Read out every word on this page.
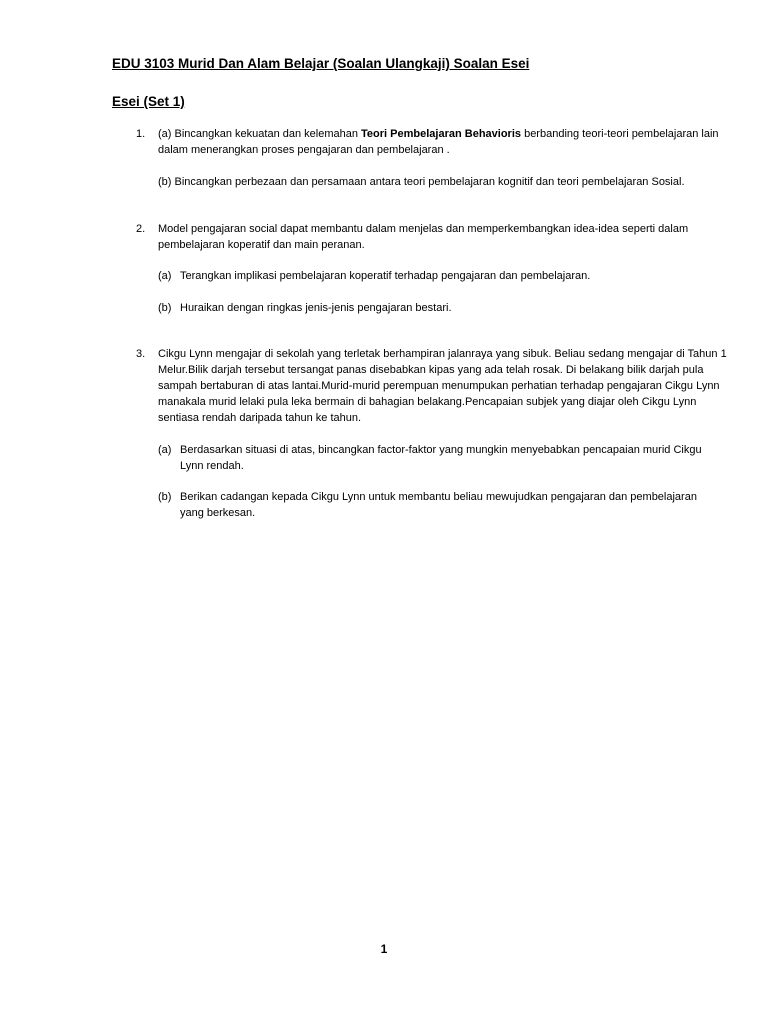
EDU 3103 Murid Dan Alam Belajar (Soalan Ulangkaji) Soalan Esei
Esei (Set 1)
1. (a) Bincangkan kekuatan dan kelemahan Teori Pembelajaran Behavioris berbanding teori-teori pembelajaran lain dalam menerangkan proses pengajaran dan pembelajaran .

(b) Bincangkan perbezaan dan persamaan antara teori pembelajaran kognitif dan teori pembelajaran Sosial.

2. Model pengajaran social dapat membantu dalam menjelas dan memperkembangkan idea-idea seperti dalam pembelajaran koperatif dan main peranan.

(a) Terangkan implikasi pembelajaran koperatif terhadap pengajaran dan pembelajaran.

(b) Huraikan dengan ringkas jenis-jenis pengajaran bestari.

3. Cikgu Lynn mengajar di sekolah yang terletak berhampiran jalanraya yang sibuk. Beliau sedang mengajar di Tahun 1 Melur.Bilik darjah tersebut tersangat panas disebabkan kipas yang ada telah rosak. Di belakang bilik darjah pula sampah bertaburan di atas lantai.Murid-murid perempuan menumpukan perhatian terhadap pengajaran Cikgu Lynn manakala murid lelaki pula leka bermain di bahagian belakang.Pencapaian subjek yang diajar oleh Cikgu Lynn sentiasa rendah daripada tahun ke tahun.

(a) Berdasarkan situasi di atas, bincangkan factor-faktor yang mungkin menyebabkan pencapaian murid Cikgu Lynn rendah.

(b) Berikan cadangan kepada Cikgu Lynn untuk membantu beliau mewujudkan pengajaran dan pembelajaran yang berkesan.

1
